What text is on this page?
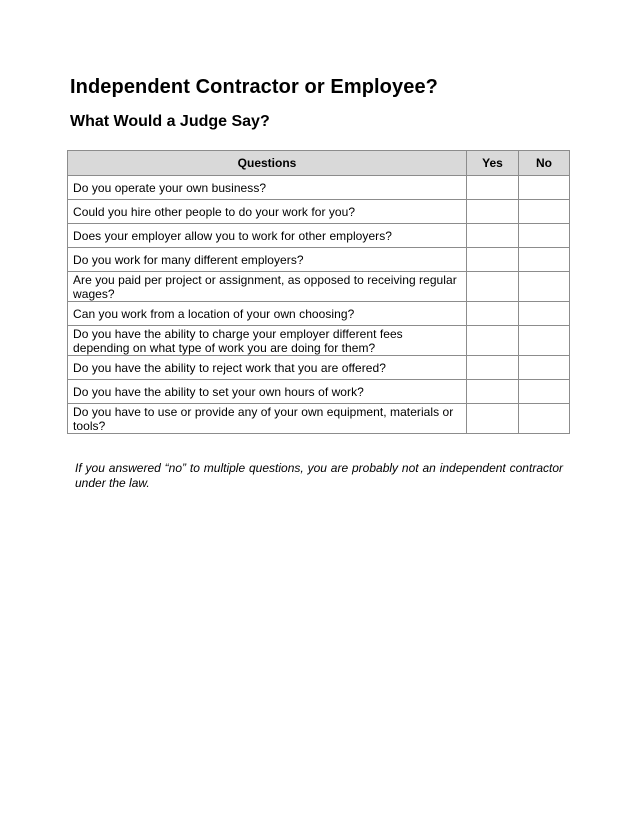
Independent Contractor or Employee?
What Would a Judge Say?
Questions	Yes	No
Do you operate your own business?		
Could you hire other people to do your work for you?		
Does your employer allow you to work for other employers?		
Do you work for many different employers?		
Are you paid per project or assignment, as opposed to receiving regular wages?		
Can you work from a location of your own choosing?		
Do you have the ability to charge your employer different fees depending on what type of work you are doing for them?		
Do you have the ability to reject work that you are offered?		
Do you have the ability to set your own hours of work?		
Do you have to use or provide any of your own equipment, materials or tools?		

If you answered “no” to multiple questions, you are probably not an independent contractor under the law.
